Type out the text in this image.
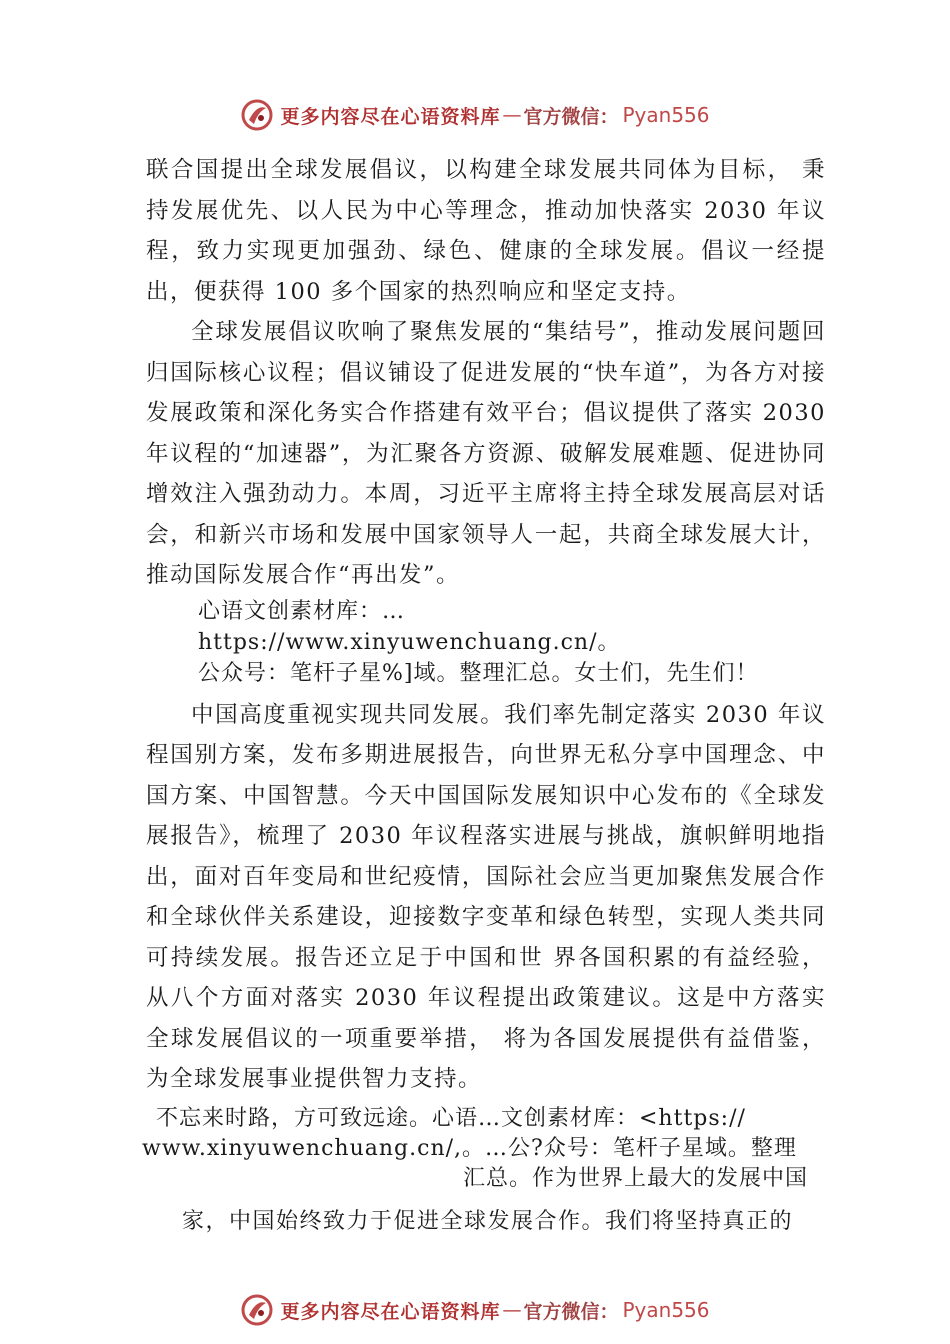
更多内容尽在心语资料库 — 官方微信： Pyan556

联合国提出全球发展倡议，以构建全球发展共同体为目标， 秉持发展优先、以人民为中心等理念，推动加快落实 2030 年议程，致力实现更加强劲、绿色、健康的全球发展。倡议一经提出，便获得 100 多个国家的热烈响应和坚定支持。

全球发展倡议吹响了聚焦发展的“集结号”，推动发展问题回归国际核心议程；倡议铺设了促进发展的“快车道”，为各方对接发展政策和深化务实合作搭建有效平台；倡议提供了落实 2030 年议程的“加速器”，为汇聚各方资源、破解发展难题、促进协同增效注入强劲动力。本周，习近平主席将主持全球发展高层对话会，和新兴市场和发展中国家领导人一起，共商全球发展大计，推动国际发展合作“再出发”。

心语文创素材库：…https://www.xinyuwenchuang.cn/。
公众号：笔杆子星%]域。整理汇总。女士们，先生们！

中国高度重视实现共同发展。我们率先制定落实 2030 年议程国别方案，发布多期进展报告，向世界无私分享中国理念、中国方案、中国智慧。今天中国国际发展知识中心发布的《全球发展报告》，梳理了 2030 年议程落实进展与挑战，旗帜鲜明地指出，面对百年变局和世纪疫情，国际社会应当更加聚焦发展合作和全球伙伴关系建设，迎接数字变革和绿色转型，实现人类共同可持续发展。报告还立足于中国和世 界各国积累的有益经验，从八个方面对落实 2030 年议程提出政策建议。这是中方落实全球发展倡议的一项重要举措， 将为各国发展提供有益借鉴，为全球发展事业提供智力支持。

不忘来时路，方可致远途。心语…文创素材库：<https://
www.xinyuwenchuang.cn/,。…公?众号：笔杆子星域。整理
汇总。作为世界上最大的发展中国

家，中国始终致力于促进全球发展合作。我们将坚持真正的

更多内容尽在心语资料库 — 官方微信： Pyan556
